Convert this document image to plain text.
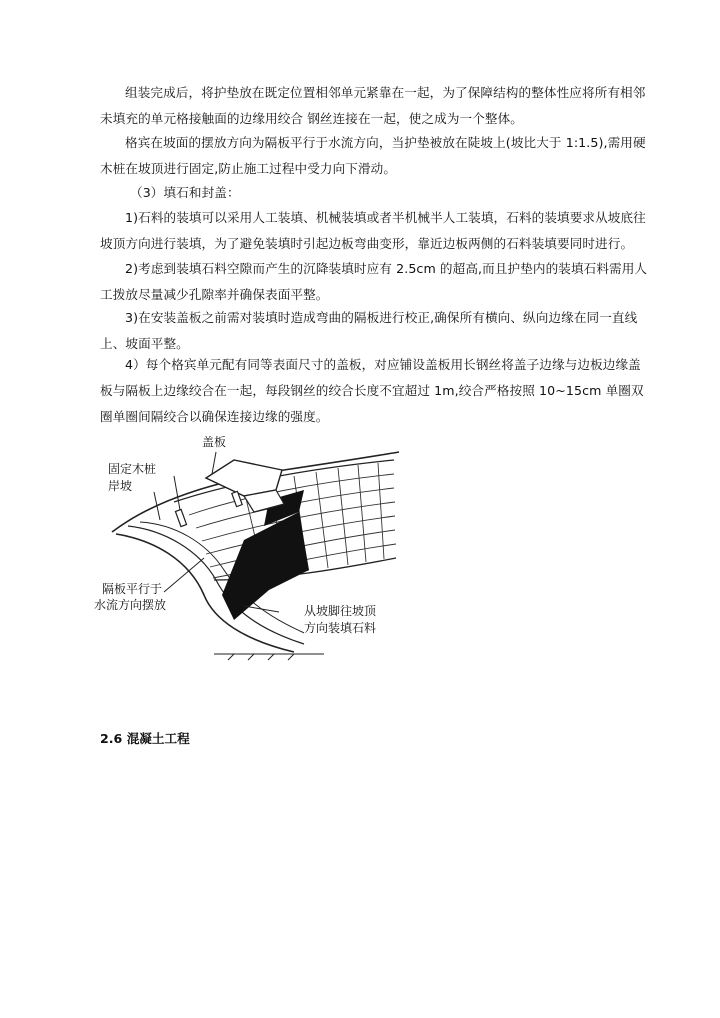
组装完成后，将护垫放在既定位置相邻单元紧靠在一起，为了保障结构的整体性应将所有相邻未填充的单元格接触面的边缘用绞合 钢丝连接在一起，使之成为一个整体。
格宾在坡面的摆放方向为隔板平行于水流方向，当护垫被放在陡坡上(坡比大于 1:1.5),需用硬木桩在坡顶进行固定,防止施工过程中受力向下滑动。
（3）填石和封盖：
1)石料的装填可以采用人工装填、机械装填或者半机械半人工装填，石料的装填要求从坡底往坡顶方向进行装填，为了避免装填时引起边板弯曲变形，靠近边板两侧的石料装填要同时进行。
2)考虑到装填石料空隙而产生的沉降装填时应有 2.5cm 的超高,而且护垫内的装填石料需用人工拨放尽量减少孔隙率并确保表面平整。
3)在安装盖板之前需对装填时造成弯曲的隔板进行校正,确保所有横向、纵向边缘在同一直线上、坡面平整。
4）每个格宾单元配有同等表面尺寸的盖板，对应铺设盖板用长钢丝将盖子边缘与边板边缘盖板与隔板上边缘绞合在一起，每段钢丝的绞合长度不宜超过 1m,绞合严格按照 10~15cm 单圈双圈单圈间隔绞合以确保连接边缘的强度。
盖板
固定木桩
岸坡
隔板平行于
水流方向摆放	从坡脚往坡顶
方向装填石料
2.6 混凝土工程
